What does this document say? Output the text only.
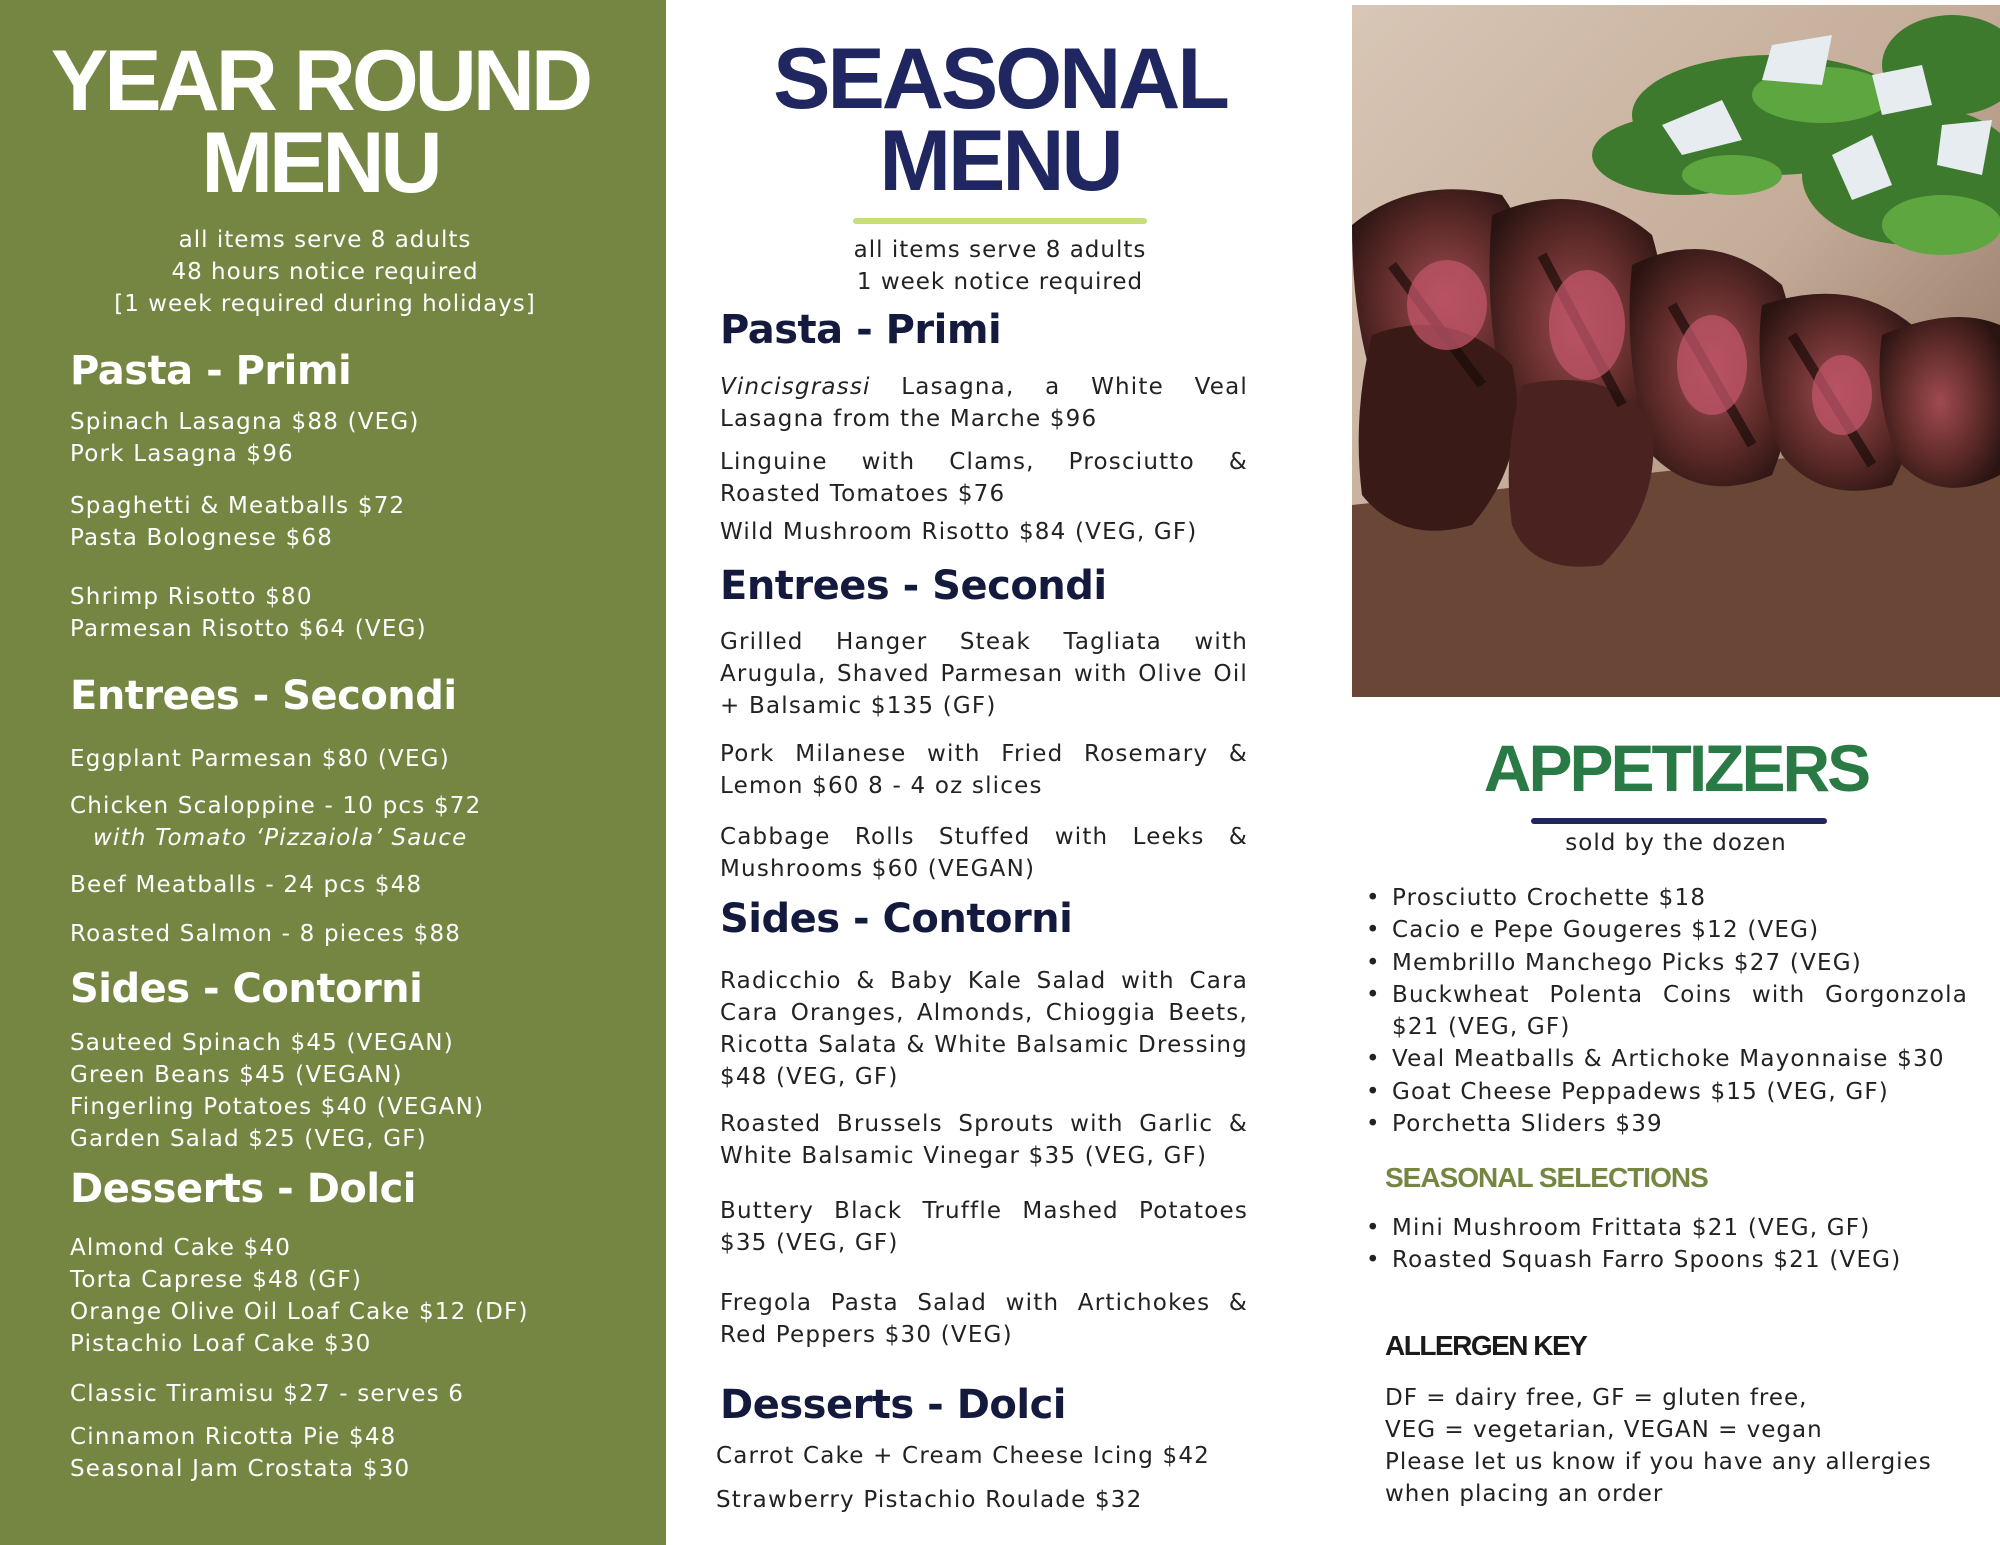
YEAR ROUND
MENU
all items serve 8 adults
48 hours notice required
[1 week required during holidays]
Pasta - Primi
Spinach Lasagna $88 (VEG)
Pork Lasagna $96
Spaghetti & Meatballs $72
Pasta Bolognese $68
Shrimp Risotto $80
Parmesan Risotto $64 (VEG)
Entrees - Secondi
Eggplant Parmesan $80 (VEG)
Chicken Scaloppine - 10 pcs $72
with Tomato ‘Pizzaiola’ Sauce
Beef Meatballs - 24 pcs $48
Roasted Salmon - 8 pieces $88
Sides - Contorni
Sauteed Spinach $45 (VEGAN)
Green Beans $45 (VEGAN)
Fingerling Potatoes $40 (VEGAN)
Garden Salad $25 (VEG, GF)
Desserts - Dolci
Almond Cake $40
Torta Caprese $48 (GF)
Orange Olive Oil Loaf Cake $12 (DF)
Pistachio Loaf Cake $30
Classic Tiramisu $27 - serves 6
Cinnamon Ricotta Pie $48
Seasonal Jam Crostata $30
SEASONAL
MENU
all items serve 8 adults
1 week notice required
Pasta - Primi
Vincisgrassi Lasagna, a White Veal Lasagna from the Marche $96
Linguine with Clams, Prosciutto & Roasted Tomatoes $76
Wild Mushroom Risotto $84 (VEG, GF)
Entrees - Secondi
Grilled Hanger Steak Tagliata with Arugula, Shaved Parmesan with Olive Oil + Balsamic $135 (GF)
Pork Milanese with Fried Rosemary & Lemon $60 8 - 4 oz slices
Cabbage Rolls Stuffed with Leeks & Mushrooms $60 (VEGAN)
Sides - Contorni
Radicchio & Baby Kale Salad with Cara Cara Oranges, Almonds, Chioggia Beets, Ricotta Salata & White Balsamic Dressing $48 (VEG, GF)
Roasted Brussels Sprouts with Garlic & White Balsamic Vinegar $35 (VEG, GF)
Buttery Black Truffle Mashed Potatoes $35 (VEG, GF)
Fregola Pasta Salad with Artichokes & Red Peppers $30 (VEG)
Desserts - Dolci
Carrot Cake + Cream Cheese Icing $42
Strawberry Pistachio Roulade $32
APPETIZERS
sold by the dozen
• Prosciutto Crochette $18
• Cacio e Pepe Gougeres $12 (VEG)
• Membrillo Manchego Picks $27 (VEG)
• Buckwheat Polenta Coins with Gorgonzola $21 (VEG, GF)
• Veal Meatballs & Artichoke Mayonnaise $30
• Goat Cheese Peppadews $15 (VEG, GF)
• Porchetta Sliders $39
SEASONAL SELECTIONS
• Mini Mushroom Frittata $21 (VEG, GF)
• Roasted Squash Farro Spoons $21 (VEG)
ALLERGEN KEY
DF = dairy free, GF = gluten free,
VEG = vegetarian, VEGAN = vegan
Please let us know if you have any allergies
when placing an order
